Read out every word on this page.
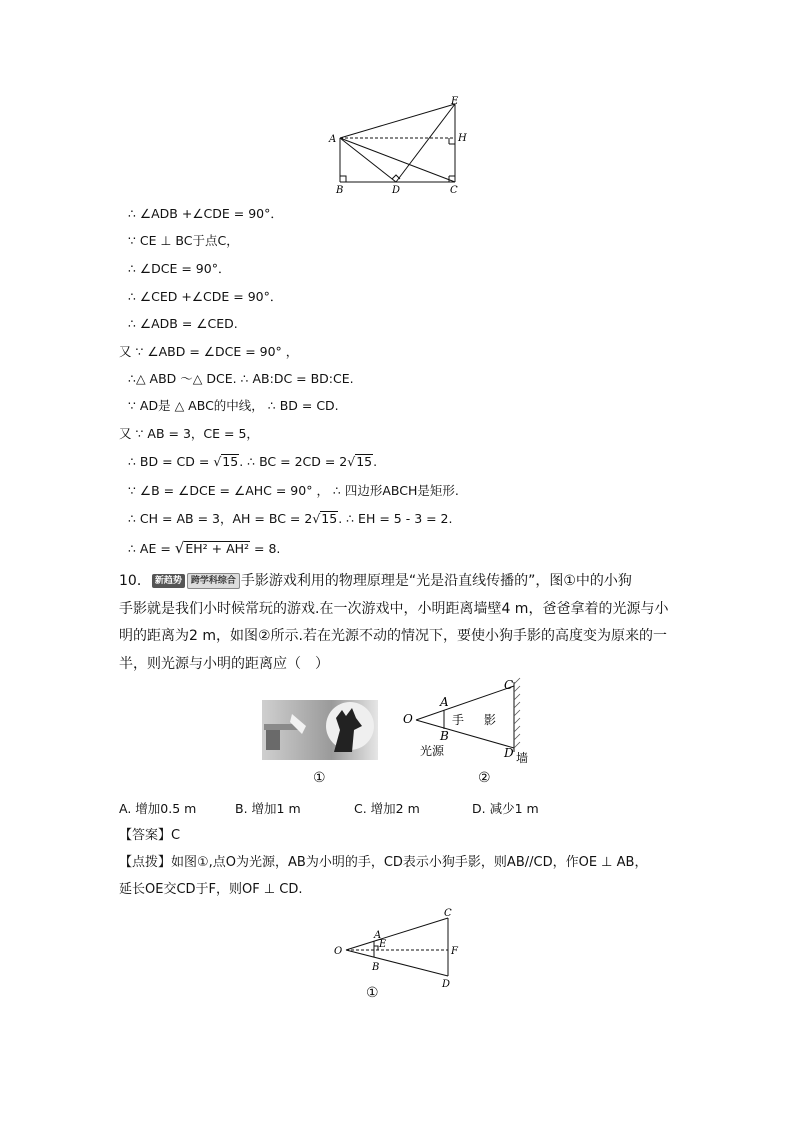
A
B	D	C
E
H
∴ ∠ADB +∠CDE = 90°．
∵ CE ⊥ BC于点C，
∴ ∠DCE = 90°．
∴ ∠CED +∠CDE = 90°．
∴ ∠ADB = ∠CED.
又 ∵ ∠ABD = ∠DCE = 90° ，
∴△ ABD ～△ DCE. ∴ AB:DC = BD:CE.
∵ AD是 △ ABC的中线， ∴ BD = CD.
又 ∵ AB = 3，CE = 5，
∴ BD = CD = √15. ∴ BC = 2CD = 2√15.
∵ ∠B = ∠DCE = ∠AHC = 90° ， ∴ 四边形ABCH是矩形.
∴ CH = AB = 3，AH = BC = 2√15. ∴ EH = 5 - 3 = 2.
∴ AE = √EH² + AH² = 8.
10． 新趋势 跨学科综合 手影游戏利用的物理原理是“光是沿直线传播的”，图①中的小狗
手影就是我们小时候常玩的游戏.在一次游戏中，小明距离墙壁4 m，爸爸拿着的光源与小
明的距离为2 m，如图②所示.若在光源不动的情况下，要使小狗手影的高度变为原来的一
半，则光源与小明的距离应（　）
①
O
A
B
C
D
手 影
光源	墙
②
A. 增加0.5 m	B. 增加1 m	C. 增加2 m	D. 减少1 m
【答案】C
【点拨】如图①,点O为光源，AB为小明的手，CD表示小狗手影，则AB//CD，作OE ⊥ AB，
延长OE交CD于F，则OF ⊥ CD.
O
A
B
E
C
F
D
①
